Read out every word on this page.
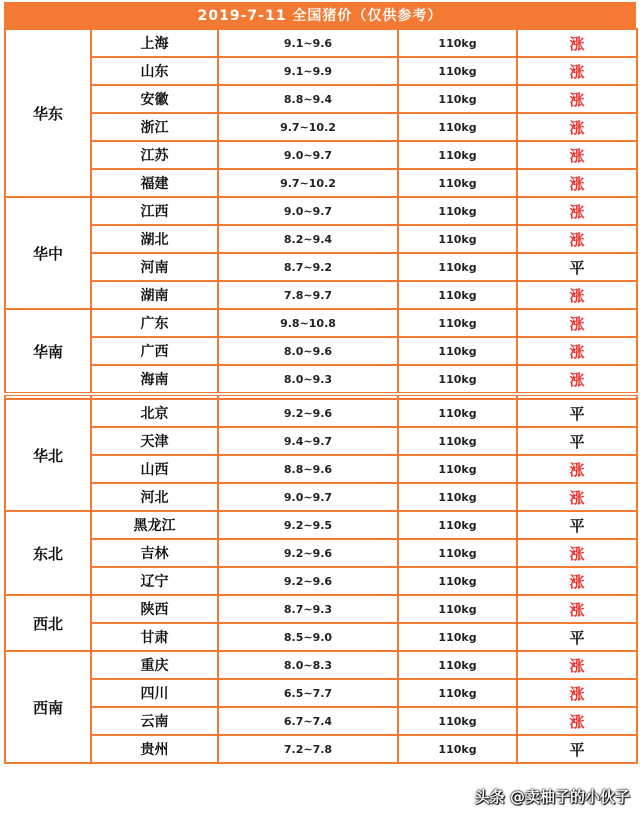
2019-7-11 全国猪价（仅供参考）
华东	上海	9.1~9.6	110kg	涨
	山东	9.1~9.9	110kg	涨
	安徽	8.8~9.4	110kg	涨
	浙江	9.7~10.2	110kg	涨
	江苏	9.0~9.7	110kg	涨
	福建	9.7~10.2	110kg	涨
华中	江西	9.0~9.7	110kg	涨
	湖北	8.2~9.4	110kg	涨
	河南	8.7~9.2	110kg	平
	湖南	7.8~9.7	110kg	涨
华南	广东	9.8~10.8	110kg	涨
	广西	8.0~9.6	110kg	涨
	海南	8.0~9.3	110kg	涨

华北	北京	9.2~9.6	110kg	平
	天津	9.4~9.7	110kg	平
	山西	8.8~9.6	110kg	涨
	河北	9.0~9.7	110kg	涨
东北	黑龙江	9.2~9.5	110kg	平
	吉林	9.2~9.6	110kg	涨
	辽宁	9.2~9.6	110kg	涨
西北	陕西	8.7~9.3	110kg	涨
	甘肃	8.5~9.0	110kg	平
西南	重庆	8.0~8.3	110kg	涨
	四川	6.5~7.7	110kg	涨
	云南	6.7~7.4	110kg	涨
	贵州	7.2~7.8	110kg	平
头条 @卖柚子的小伙子
